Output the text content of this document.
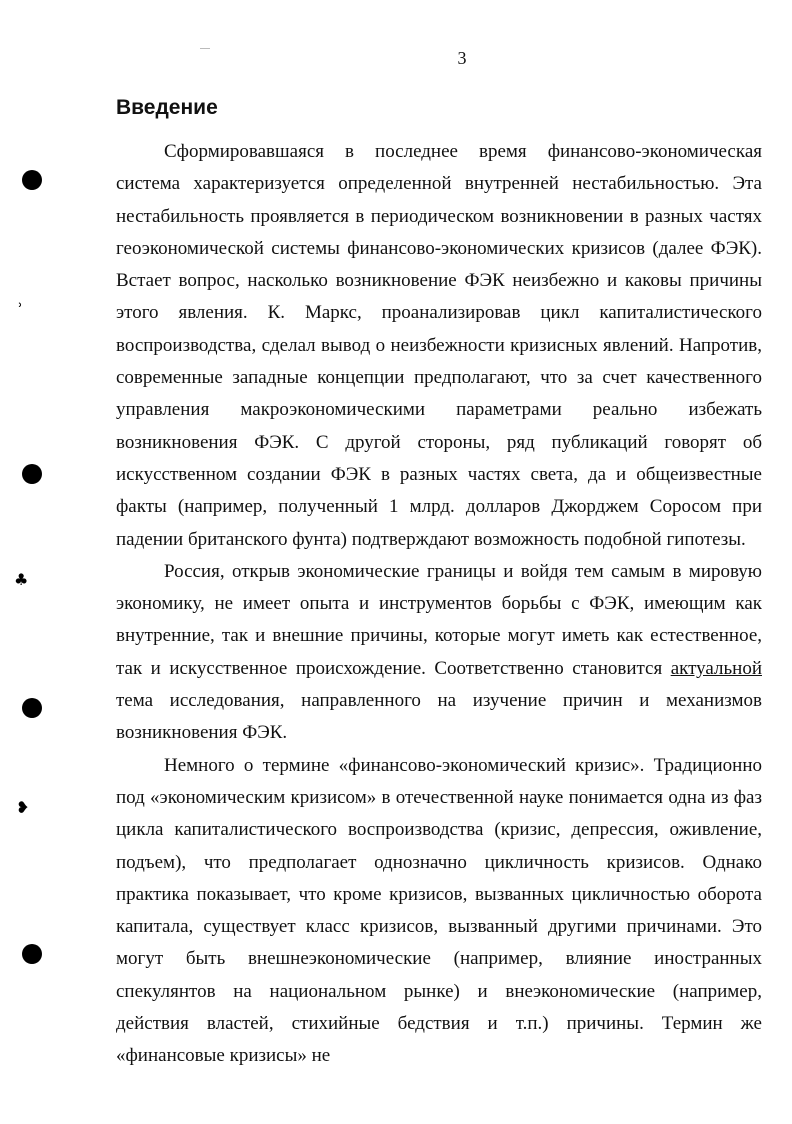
3
Введение

Сформировавшаяся в последнее время финансово-экономическая система характеризуется определенной внутренней нестабильностью. Эта нестабильность проявляется в периодическом возникновении в разных частях геоэкономической системы финансово-экономических кризисов (далее ФЭК). Встает вопрос, насколько возникновение ФЭК неизбежно и каковы причины этого явления. К. Маркс, проанализировав цикл капиталистического воспроизводства, сделал вывод о неизбежности кризисных явлений. Напротив, современные западные концепции предполагают, что за счет качественного управления макроэкономическими параметрами реально избежать возникновения ФЭК. С другой стороны, ряд публикаций говорят об искусственном создании ФЭК в разных частях света, да и общеизвестные факты (например, полученный 1 млрд. долларов Джорджем Соросом при падении британского фунта) подтверждают возможность подобной гипотезы.

Россия, открыв экономические границы и войдя тем самым в мировую экономику, не имеет опыта и инструментов борьбы с ФЭК, имеющим как внутренние, так и внешние причины, которые могут иметь как естественное, так и искусственное происхождение. Соответственно становится актуальной тема исследования, направленного на изучение причин и механизмов возникновения ФЭК.

Немного о термине «финансово-экономический кризис». Традиционно под «экономическим кризисом» в отечественной науке понимается одна из фаз цикла капиталистического воспроизводства (кризис, депрессия, оживление, подъем), что предполагает однозначно цикличность кризисов. Однако практика показывает, что кроме кризисов, вызванных цикличностью оборота капитала, существует класс кризисов, вызванный другими причинами. Это могут быть внешнеэкономические (например, влияние иностранных спекулянтов на национальном рынке) и внеэкономические (например, действия властей, стихийные бедствия и т.п.) причины. Термин же «финансовые кризисы» не

ʾ
♣
❥
